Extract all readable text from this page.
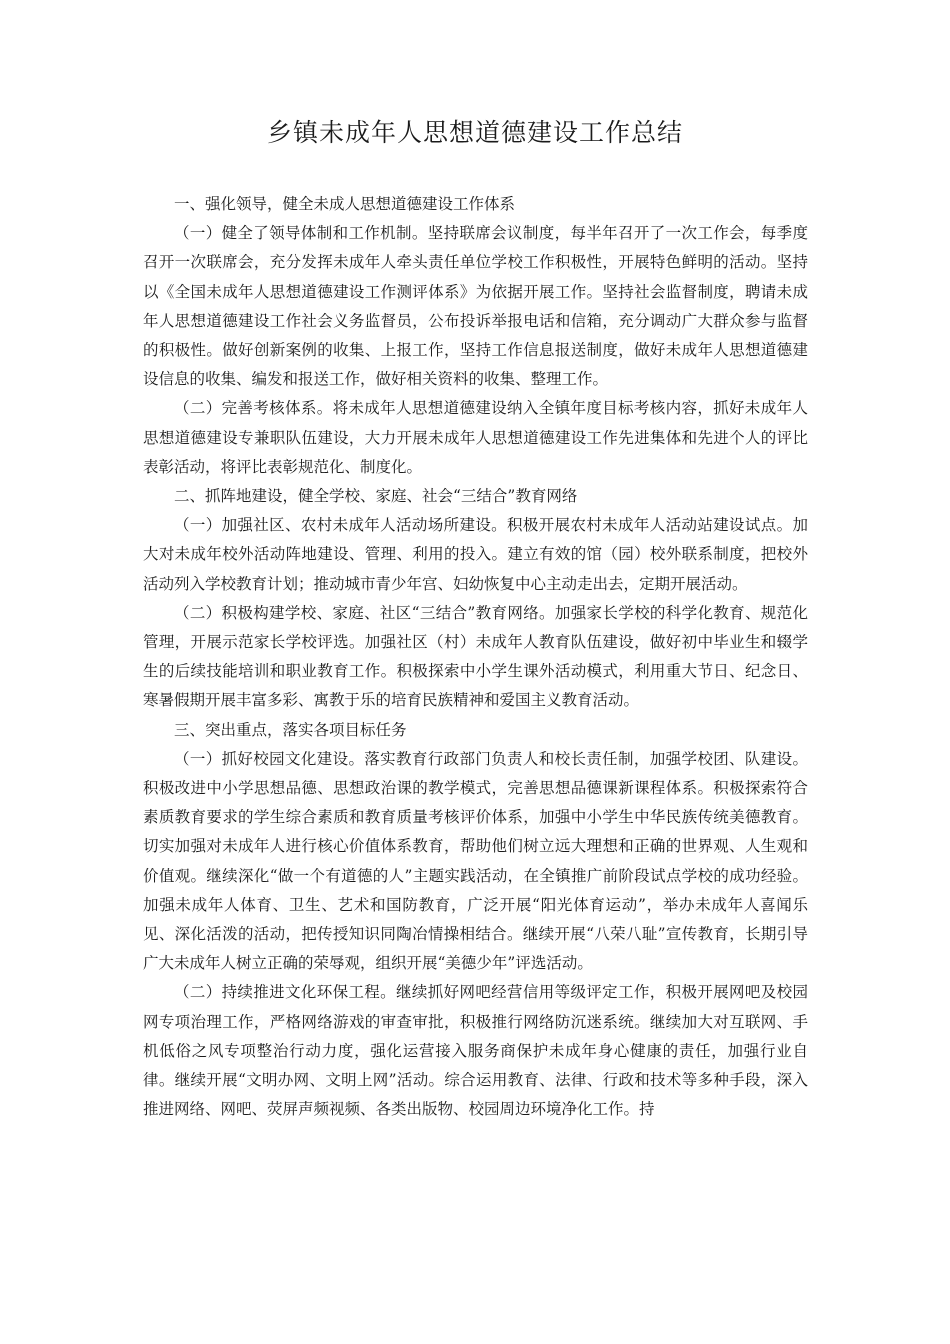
乡镇未成年人思想道德建设工作总结

一、强化领导，健全未成人思想道德建设工作体系

（一）健全了领导体制和工作机制。坚持联席会议制度，每半年召开了一次工作会，每季度召开一次联席会，充分发挥未成年人牵头责任单位学校工作积极性，开展特色鲜明的活动。坚持以《全国未成年人思想道德建设工作测评体系》为依据开展工作。坚持社会监督制度，聘请未成年人思想道德建设工作社会义务监督员，公布投诉举报电话和信箱，充分调动广大群众参与监督的积极性。做好创新案例的收集、上报工作，坚持工作信息报送制度，做好未成年人思想道德建设信息的收集、编发和报送工作，做好相关资料的收集、整理工作。

（二）完善考核体系。将未成年人思想道德建设纳入全镇年度目标考核内容，抓好未成年人思想道德建设专兼职队伍建设，大力开展未成年人思想道德建设工作先进集体和先进个人的评比表彰活动，将评比表彰规范化、制度化。

二、抓阵地建设，健全学校、家庭、社会“三结合”教育网络

（一）加强社区、农村未成年人活动场所建设。积极开展农村未成年人活动站建设试点。加大对未成年校外活动阵地建设、管理、利用的投入。建立有效的馆（园）校外联系制度，把校外活动列入学校教育计划；推动城市青少年宫、妇幼恢复中心主动走出去，定期开展活动。

（二）积极构建学校、家庭、社区“三结合”教育网络。加强家长学校的科学化教育、规范化管理，开展示范家长学校评选。加强社区（村）未成年人教育队伍建设，做好初中毕业生和辍学生的后续技能培训和职业教育工作。积极探索中小学生课外活动模式，利用重大节日、纪念日、寒暑假期开展丰富多彩、寓教于乐的培育民族精神和爱国主义教育活动。

三、突出重点，落实各项目标任务

（一）抓好校园文化建设。落实教育行政部门负责人和校长责任制，加强学校团、队建设。积极改进中小学思想品德、思想政治课的教学模式，完善思想品德课新课程体系。积极探索符合素质教育要求的学生综合素质和教育质量考核评价体系，加强中小学生中华民族传统美德教育。切实加强对未成年人进行核心价值体系教育，帮助他们树立远大理想和正确的世界观、人生观和价值观。继续深化“做一个有道德的人”主题实践活动，在全镇推广前阶段试点学校的成功经验。加强未成年人体育、卫生、艺术和国防教育，广泛开展“阳光体育运动”，举办未成年人喜闻乐见、深化活泼的活动，把传授知识同陶冶情操相结合。继续开展“八荣八耻”宣传教育，长期引导广大未成年人树立正确的荣辱观，组织开展“美德少年”评选活动。

（二）持续推进文化环保工程。继续抓好网吧经营信用等级评定工作，积极开展网吧及校园网专项治理工作，严格网络游戏的审查审批，积极推行网络防沉迷系统。继续加大对互联网、手机低俗之风专项整治行动力度，强化运营接入服务商保护未成年身心健康的责任，加强行业自律。继续开展“文明办网、文明上网”活动。综合运用教育、法律、行政和技术等多种手段，深入推进网络、网吧、荧屏声频视频、各类出版物、校园周边环境净化工作。持
